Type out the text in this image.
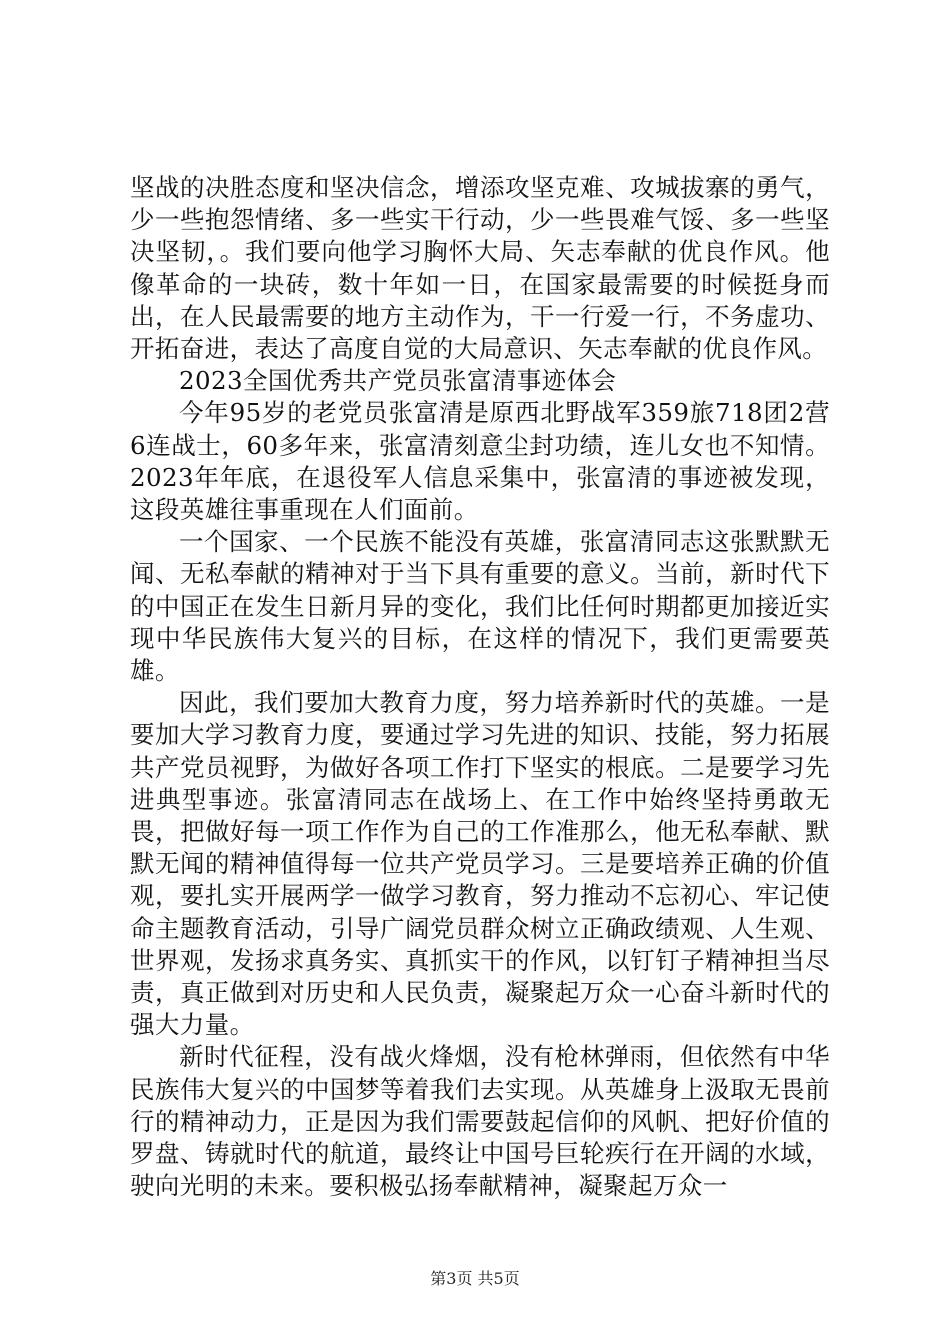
坚战的决胜态度和坚决信念，增添攻坚克难、攻城拔寨的勇气，少一些抱怨情绪、多一些实干行动，少一些畏难气馁、多一些坚决坚韧，。我们要向他学习胸怀大局、矢志奉献的优良作风。他像革命的一块砖，数十年如一日，在国家最需要的时候挺身而出，在人民最需要的地方主动作为，干一行爱一行，不务虚功、开拓奋进，表达了高度自觉的大局意识、矢志奉献的优良作风。

2023全国优秀共产党员张富清事迹体会

今年95岁的老党员张富清是原西北野战军359旅718团2营6连战士，60多年来，张富清刻意尘封功绩，连儿女也不知情。2023年年底，在退役军人信息采集中，张富清的事迹被发现，这段英雄往事重现在人们面前。

一个国家、一个民族不能没有英雄，张富清同志这张默默无闻、无私奉献的精神对于当下具有重要的意义。当前，新时代下的中国正在发生日新月异的变化，我们比任何时期都更加接近实现中华民族伟大复兴的目标，在这样的情况下，我们更需要英雄。

因此，我们要加大教育力度，努力培养新时代的英雄。一是要加大学习教育力度，要通过学习先进的知识、技能，努力拓展共产党员视野，为做好各项工作打下坚实的根底。二是要学习先进典型事迹。张富清同志在战场上、在工作中始终坚持勇敢无畏，把做好每一项工作作为自己的工作准那么，他无私奉献、默默无闻的精神值得每一位共产党员学习。三是要培养正确的价值观，要扎实开展两学一做学习教育，努力推动不忘初心、牢记使命主题教育活动，引导广阔党员群众树立正确政绩观、人生观、世界观，发扬求真务实、真抓实干的作风，以钉钉子精神担当尽责，真正做到对历史和人民负责，凝聚起万众一心奋斗新时代的强大力量。

新时代征程，没有战火烽烟，没有枪林弹雨，但依然有中华民族伟大复兴的中国梦等着我们去实现。从英雄身上汲取无畏前行的精神动力，正是因为我们需要鼓起信仰的风帆、把好价值的罗盘、铸就时代的航道，最终让中国号巨轮疾行在开阔的水域，驶向光明的未来。要积极弘扬奉献精神，凝聚起万众一

第3页 共5页
